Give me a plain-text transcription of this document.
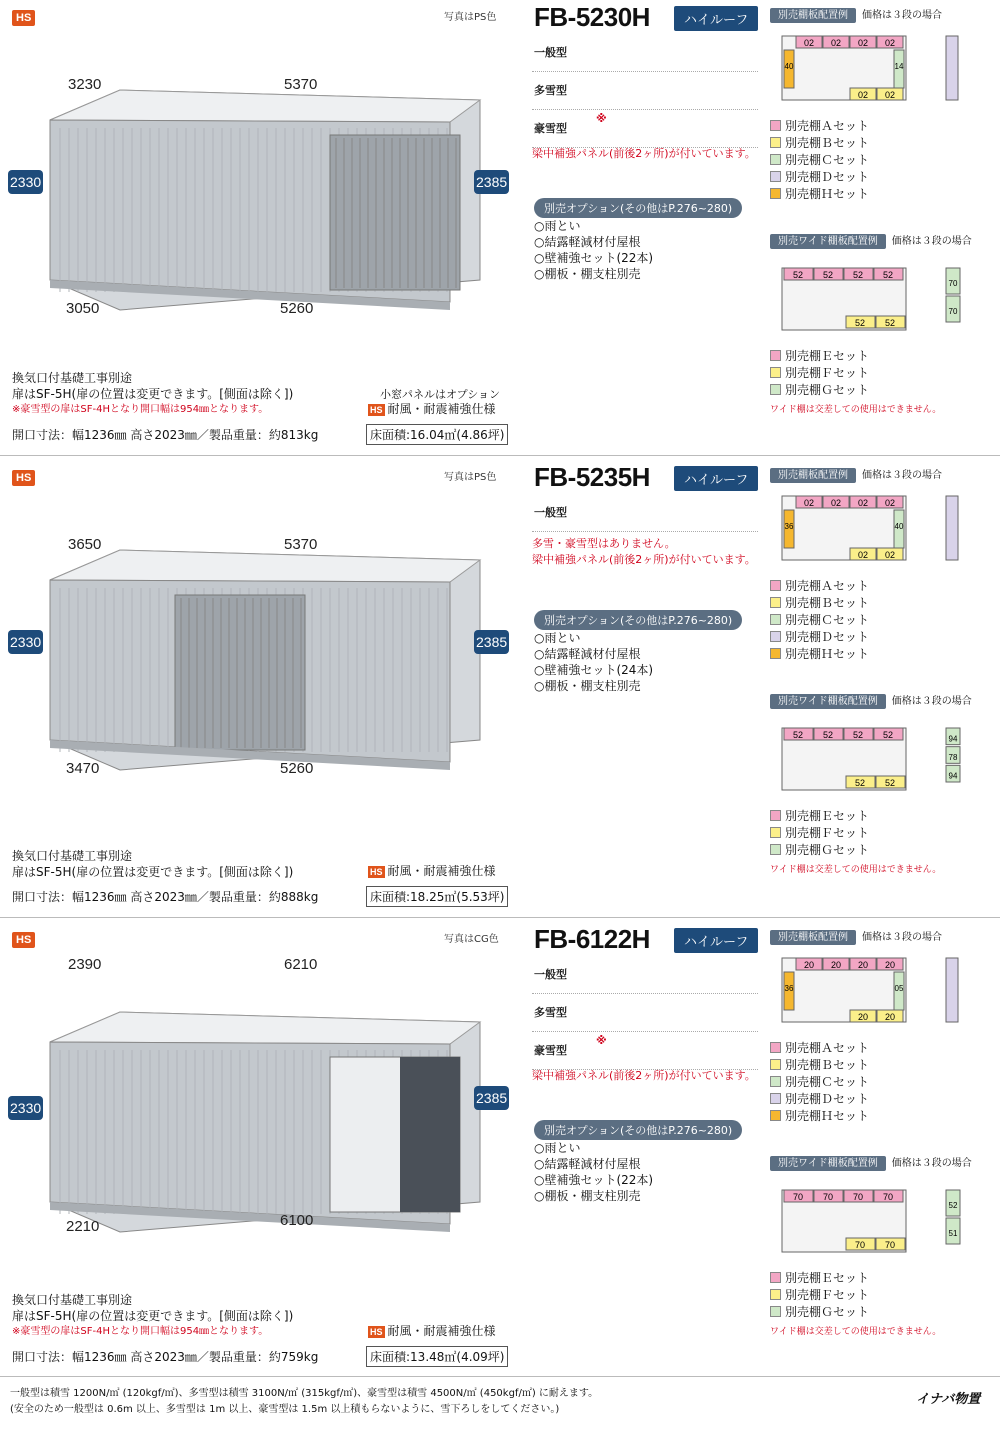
HS	写真はPS色
3230	5370
2330	2385
3050	5260
換気口付基礎工事別途
扉はSF-5H(扉の位置は変更できます。[側面は除く])
※豪雪型の扉はSF-4Hとなり開口幅は954㎜となります。
小窓パネルはオプション
HS 耐風・耐震補強仕様
開口寸法：幅1236㎜ 高さ2023㎜／製品重量：約813kg	床面積:16.04㎡(4.86坪)
FB-5230H	ハイルーフ
一般型
多雪型
豪雪型
※
梁中補強パネル(前後2ヶ所)が付いています。
別売オプション(その他はP.276~280)
○雨とい
○結露軽減材付屋根
○壁補強セット(22本)
○棚板・棚支柱別売
別売棚板配置例 価格は３段の場合
02 02 02 02
40	14
02 02
別売棚Ａセット
別売棚Ｂセット
別売棚Ｃセット
別売棚Ｄセット
別売棚Ｈセット
別売ワイド棚板配置例 価格は３段の場合
52 52 52 52
52 52
70
70
別売棚Ｅセット
別売棚Ｆセット
別売棚Ｇセット
ワイド棚は交差しての使用はできません。
HS	写真はPS色
3650	5370
2330	2385
3470	5260
換気口付基礎工事別途
扉はSF-5H(扉の位置は変更できます。[側面は除く])	HS 耐風・耐震補強仕様
開口寸法：幅1236㎜ 高さ2023㎜／製品重量：約888kg	床面積:18.25㎡(5.53坪)
FB-5235H	ハイルーフ
一般型
多雪・豪雪型はありません。
梁中補強パネル(前後2ヶ所)が付いています。
別売オプション(その他はP.276~280)
○雨とい
○結露軽減材付屋根
○壁補強セット(24本)
○棚板・棚支柱別売
別売棚板配置例 価格は３段の場合
02 02 02 02
36	40
02 02
別売棚Ａセット
別売棚Ｂセット
別売棚Ｃセット
別売棚Ｄセット
別売棚Ｈセット
別売ワイド棚板配置例 価格は３段の場合
52 52 52 52
52 52
94
78
94
別売棚Ｅセット
別売棚Ｆセット
別売棚Ｇセット
ワイド棚は交差しての使用はできません。
HS	写真はCG色
2390	6210
2330
2385
2210	6100
換気口付基礎工事別途
扉はSF-5H(扉の位置は変更できます。[側面は除く])
※豪雪型の扉はSF-4Hとなり開口幅は954㎜となります。	HS 耐風・耐震補強仕様
開口寸法：幅1236㎜ 高さ2023㎜／製品重量：約759kg	床面積:13.48㎡(4.09坪)
FB-6122H	ハイルーフ
一般型
多雪型
豪雪型
※
梁中補強パネル(前後2ヶ所)が付いています。
別売オプション(その他はP.276~280)
○雨とい
○結露軽減材付屋根
○壁補強セット(22本)
○棚板・棚支柱別売
別売棚板配置例 価格は３段の場合
20 20 20 20
36	05
20 20
別売棚Ａセット
別売棚Ｂセット
別売棚Ｃセット
別売棚Ｄセット
別売棚Ｈセット
別売ワイド棚板配置例 価格は３段の場合
70 70 70 70
70 70
52
51
別売棚Ｅセット
別売棚Ｆセット
別売棚Ｇセット
ワイド棚は交差しての使用はできません。
一般型は積雪 1200N/㎡ (120kgf/㎡)、多雪型は積雪 3100N/㎡ (315kgf/㎡)、豪雪型は積雪 4500N/㎡ (450kgf/㎡) に耐えます。
(安全のため一般型は 0.6m 以上、多雪型は 1m 以上、豪雪型は 1.5m 以上積もらないように、雪下ろしをしてください。)
イナバ物置
